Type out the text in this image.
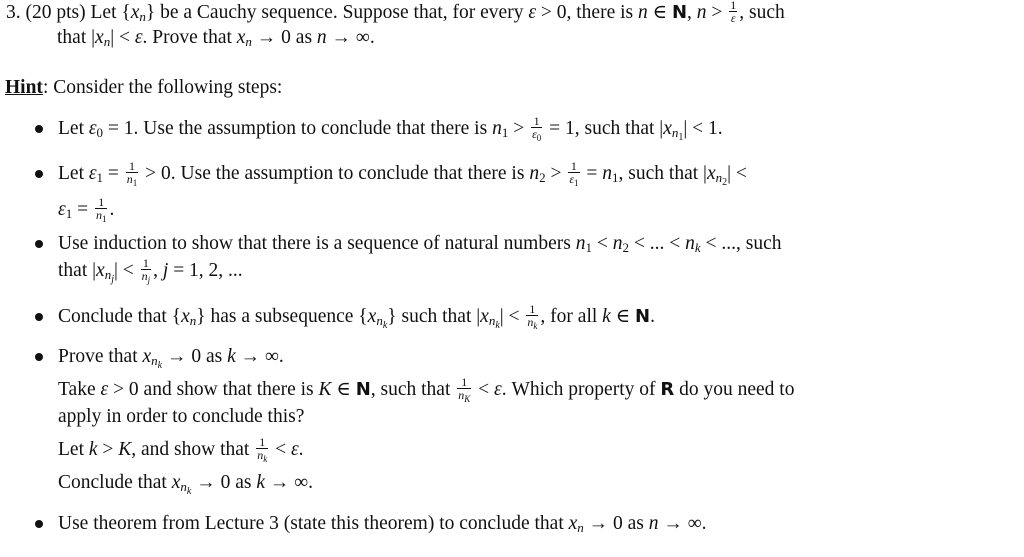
3. (20 pts) Let $\{x_n\}$ be a Cauchy sequence. Suppose that, for every ε > 0, there is n ∈ N, $n > \frac{1}{\varepsilon}$ , such
that $|x_n| < \varepsilon$. Prove that $x_n \to 0$ as n → ∞.
Hint: Consider the following steps:
Let $\varepsilon_0 = 1$. Use the assumption to conclude that there is $n_1 > \frac{1}{\varepsilon_0} = 1$, such that $|x_{n_1}| < 1$.
Let $\varepsilon_1 = \frac{1}{n_1} > 0$. Use the assumption to conclude that there is $n_2 > \frac{1}{\varepsilon_1} = n_1$, such that $|x_{n_2}|$ <
$\varepsilon_1 = \frac{1}{n_1}$ .
Use induction to show that there is a sequence of natural numbers $n_1 < n_2$ < ... < $n_k$ < ..., such
that $|x_{n_j}| < \frac{1}{n_j}$ , j = 1, 2, ...
Conclude that $\{x_n\}$ has a subsequence $\{x_{n_k}\}$ such that $|x_{n_k}| < \frac{1}{n_k}$ , for all k ∈ N.
Prove that $x_{n_k} \to 0$ as k → ∞.
Take ε > 0 and show that there is K ∈ N, such that $\frac{1}{n_K} < \varepsilon$. Which property of R do you need to
apply in order to conclude this?
Let k > K, and show that $\frac{1}{n_k} < \varepsilon$.
Conclude that $x_{n_k} \to 0$ as k → ∞.
Use theorem from Lecture 3 (state this theorem) to conclude that $x_n \to 0$ as n → ∞.
